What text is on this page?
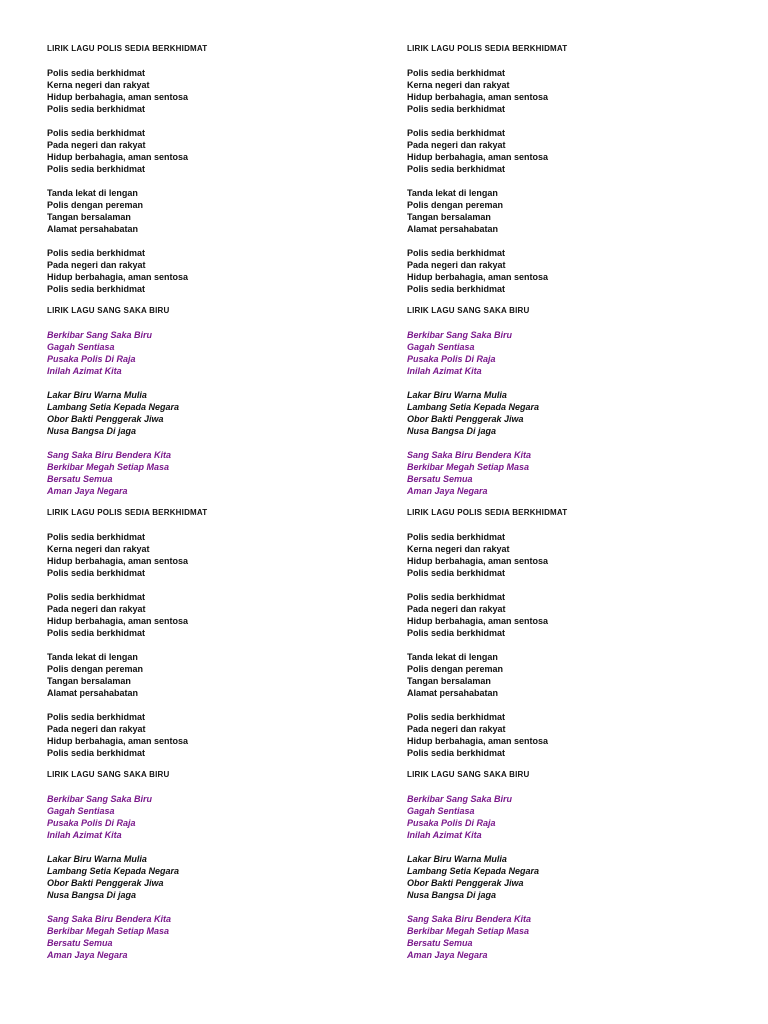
LIRIK LAGU POLIS SEDIA BERKHIDMAT
Polis sedia berkhidmat
Kerna negeri dan rakyat
Hidup berbahagia, aman sentosa
Polis sedia berkhidmat
Polis sedia berkhidmat
Pada negeri dan rakyat
Hidup berbahagia, aman sentosa
Polis sedia berkhidmat
Tanda lekat di lengan
Polis dengan pereman
Tangan bersalaman
Alamat persahabatan
Polis sedia berkhidmat
Pada negeri dan rakyat
Hidup berbahagia, aman sentosa
Polis sedia berkhidmat
LIRIK LAGU SANG SAKA BIRU
Berkibar Sang Saka Biru
Gagah Sentiasa
Pusaka Polis Di Raja
Inilah Azimat Kita
Lakar Biru Warna Mulia
Lambang Setia Kepada Negara
Obor Bakti Penggerak Jiwa
Nusa Bangsa Di jaga
Sang Saka Biru Bendera Kita
Berkibar Megah Setiap Masa
Bersatu Semua
Aman Jaya Negara
LIRIK LAGU POLIS SEDIA BERKHIDMAT
Polis sedia berkhidmat
Kerna negeri dan rakyat
Hidup berbahagia, aman sentosa
Polis sedia berkhidmat
Polis sedia berkhidmat
Pada negeri dan rakyat
Hidup berbahagia, aman sentosa
Polis sedia berkhidmat
Tanda lekat di lengan
Polis dengan pereman
Tangan bersalaman
Alamat persahabatan
Polis sedia berkhidmat
Pada negeri dan rakyat
Hidup berbahagia, aman sentosa
Polis sedia berkhidmat
LIRIK LAGU SANG SAKA BIRU
Berkibar Sang Saka Biru
Gagah Sentiasa
Pusaka Polis Di Raja
Inilah Azimat Kita
Lakar Biru Warna Mulia
Lambang Setia Kepada Negara
Obor Bakti Penggerak Jiwa
Nusa Bangsa Di jaga
Sang Saka Biru Bendera Kita
Berkibar Megah Setiap Masa
Bersatu Semua
Aman Jaya Negara
LIRIK LAGU POLIS SEDIA BERKHIDMAT
Polis sedia berkhidmat
Kerna negeri dan rakyat
Hidup berbahagia, aman sentosa
Polis sedia berkhidmat
Polis sedia berkhidmat
Pada negeri dan rakyat
Hidup berbahagia, aman sentosa
Polis sedia berkhidmat
Tanda lekat di lengan
Polis dengan pereman
Tangan bersalaman
Alamat persahabatan
Polis sedia berkhidmat
Pada negeri dan rakyat
Hidup berbahagia, aman sentosa
Polis sedia berkhidmat
LIRIK LAGU SANG SAKA BIRU
Berkibar Sang Saka Biru
Gagah Sentiasa
Pusaka Polis Di Raja
Inilah Azimat Kita
Lakar Biru Warna Mulia
Lambang Setia Kepada Negara
Obor Bakti Penggerak Jiwa
Nusa Bangsa Di jaga
Sang Saka Biru Bendera Kita
Berkibar Megah Setiap Masa
Bersatu Semua
Aman Jaya Negara
LIRIK LAGU POLIS SEDIA BERKHIDMAT
Polis sedia berkhidmat
Kerna negeri dan rakyat
Hidup berbahagia, aman sentosa
Polis sedia berkhidmat
Polis sedia berkhidmat
Pada negeri dan rakyat
Hidup berbahagia, aman sentosa
Polis sedia berkhidmat
Tanda lekat di lengan
Polis dengan pereman
Tangan bersalaman
Alamat persahabatan
Polis sedia berkhidmat
Pada negeri dan rakyat
Hidup berbahagia, aman sentosa
Polis sedia berkhidmat
LIRIK LAGU SANG SAKA BIRU
Berkibar Sang Saka Biru
Gagah Sentiasa
Pusaka Polis Di Raja
Inilah Azimat Kita
Lakar Biru Warna Mulia
Lambang Setia Kepada Negara
Obor Bakti Penggerak Jiwa
Nusa Bangsa Di jaga
Sang Saka Biru Bendera Kita
Berkibar Megah Setiap Masa
Bersatu Semua
Aman Jaya Negara
